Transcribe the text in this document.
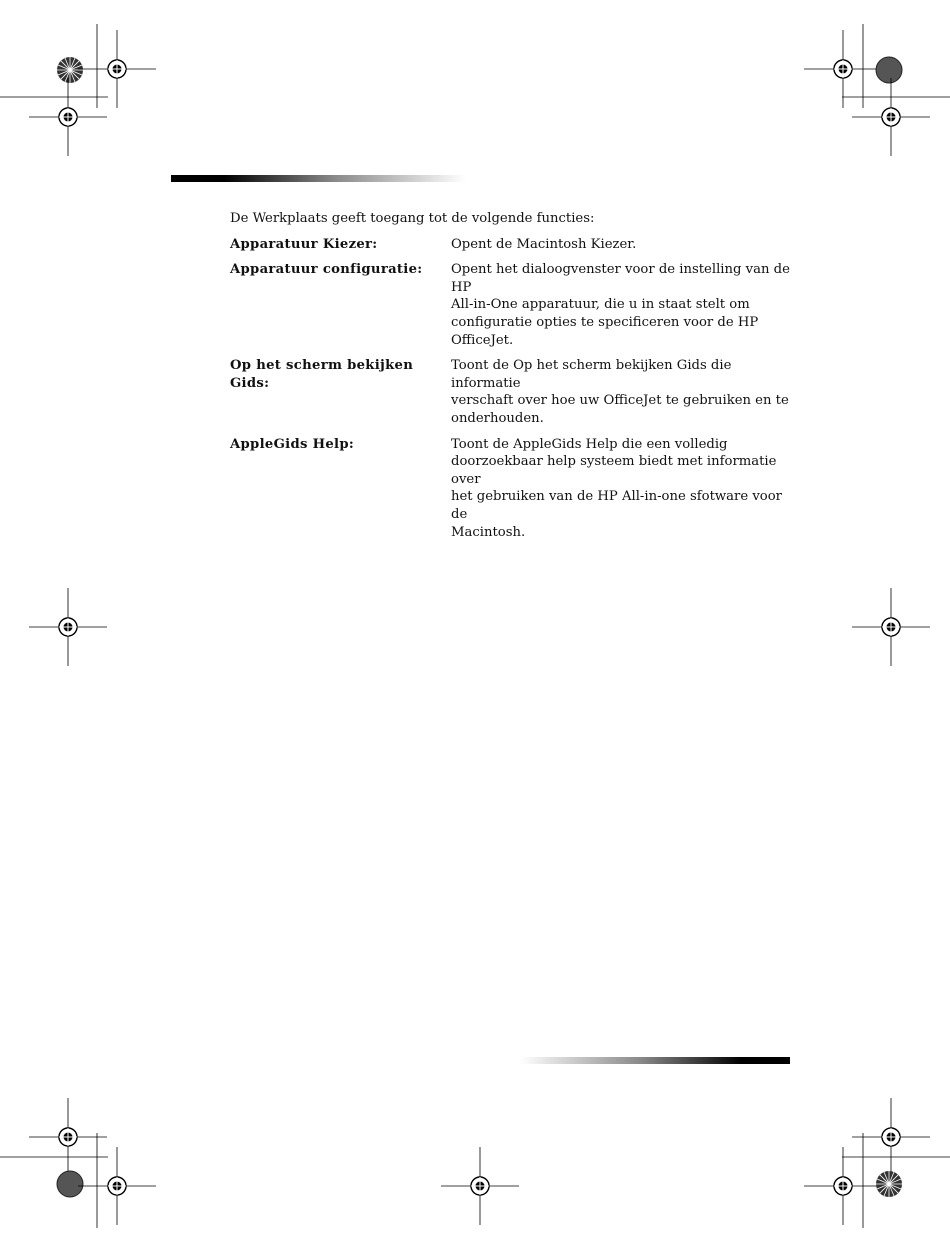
De Werkplaats geeft toegang tot de volgende functies:

Apparatuur Kiezer:	Opent de Macintosh Kiezer.
Apparatuur configuratie:	Opent het dialoogvenster voor de instelling van de HP
All-in-One apparatuur, die u in staat stelt om
configuratie opties te specificeren voor de HP
OfficeJet.
Op het scherm bekijken Gids:
Toont de Op het scherm bekijken Gids die informatie
verschaft over hoe uw OfficeJet te gebruiken en te
onderhouden.
AppleGids Help:	Toont de AppleGids Help die een volledig
doorzoekbaar help systeem biedt met informatie over
het gebruiken van de HP All-in-one sfotware voor de
Macintosh.
